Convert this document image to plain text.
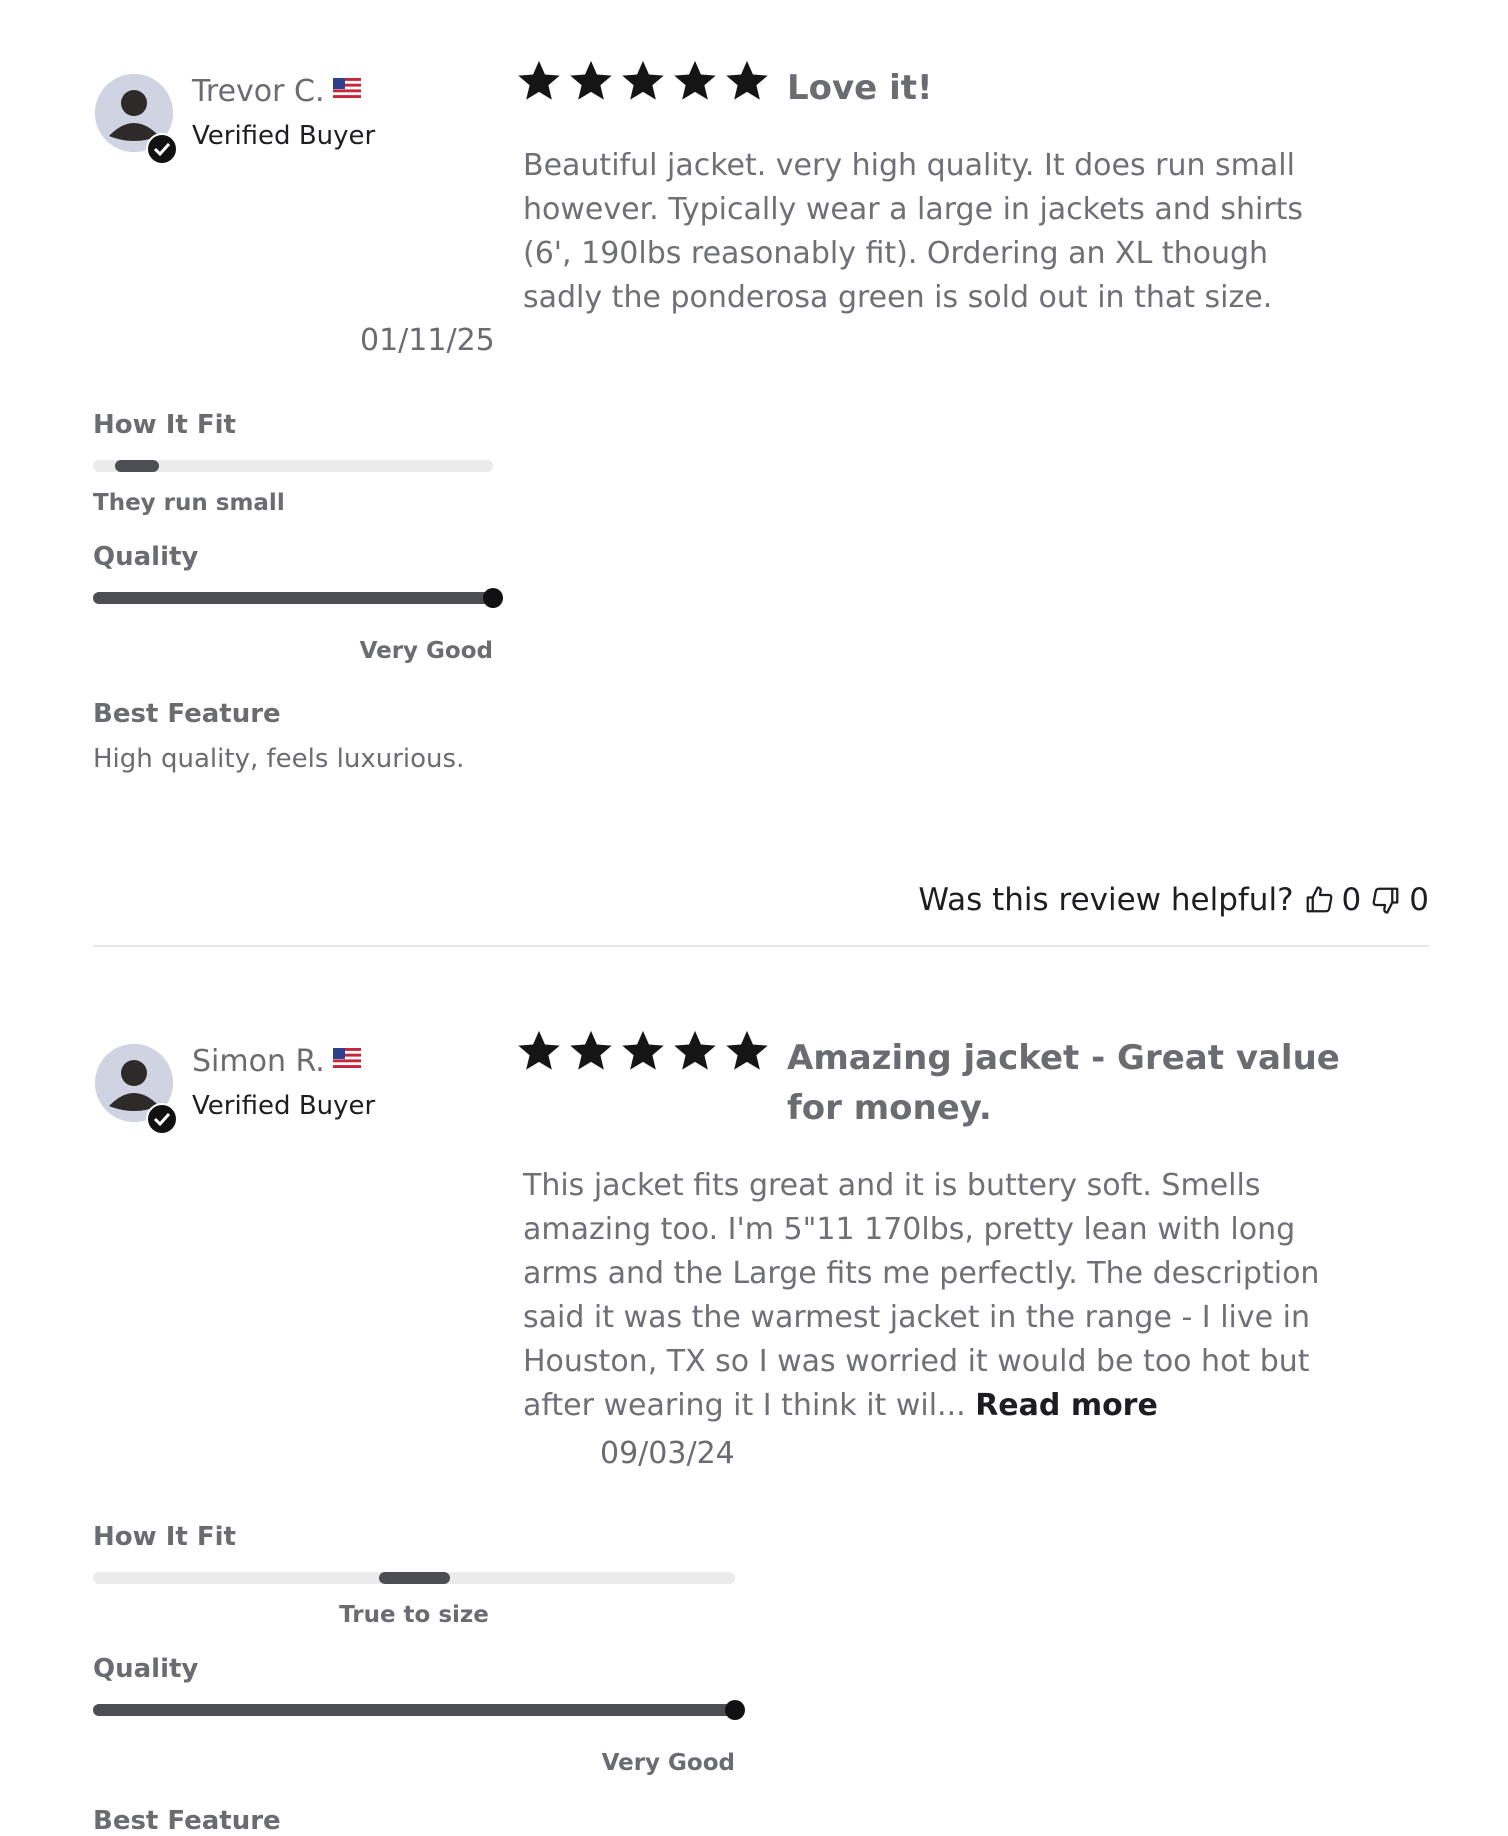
Trevor C.
Verified Buyer
Love it!
Beautiful jacket. very high quality. It does run small however. Typically wear a large in jackets and shirts (6', 190lbs reasonably fit). Ordering an XL though sadly the ponderosa green is sold out in that size.
01/11/25
How It Fit
They run small
Quality
Very Good
Best Feature
High quality, feels luxurious.
Was this review helpful? 0 0
Simon R.
Verified Buyer
Amazing jacket - Great value for money.
This jacket fits great and it is buttery soft. Smells amazing too. I'm 5"11 170lbs, pretty lean with long arms and the Large fits me perfectly. The description said it was the warmest jacket in the range - I live in Houston, TX so I was worried it would be too hot but after wearing it I think it wil... Read more
09/03/24
How It Fit
True to size
Quality
Very Good
Best Feature
